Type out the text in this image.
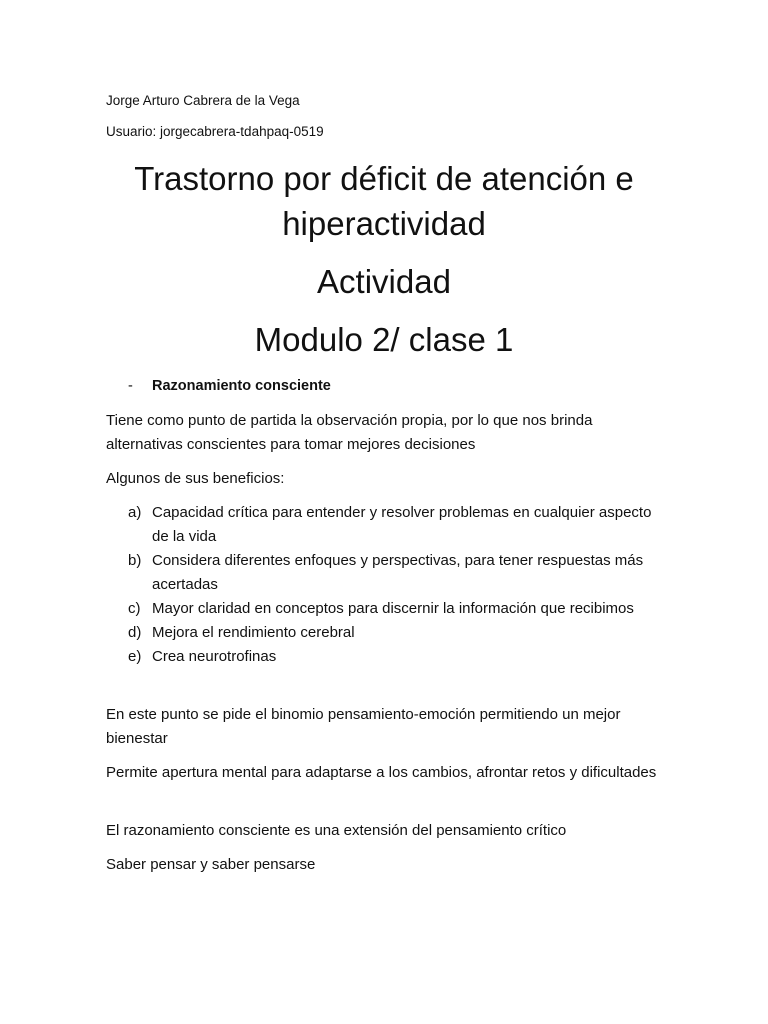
Jorge Arturo Cabrera de la Vega
Usuario: jorgecabrera-tdahpaq-0519
Trastorno por déficit de atención e
hiperactividad
Actividad
Modulo 2/ clase 1
- Razonamiento consciente

Tiene como punto de partida la observación propia, por lo que nos brinda alternativas conscientes para tomar mejores decisiones

Algunos de sus beneficios:

a) Capacidad crítica para entender y resolver problemas en cualquier aspecto de la vida
b) Considera diferentes enfoques y perspectivas, para tener respuestas más acertadas
c) Mayor claridad en conceptos para discernir la información que recibimos
d) Mejora el rendimiento cerebral
e) Crea neurotrofinas

En este punto se pide el binomio pensamiento-emoción permitiendo un mejor bienestar

Permite apertura mental para adaptarse a los cambios, afrontar retos y dificultades

El razonamiento consciente es una extensión del pensamiento crítico

Saber pensar y saber pensarse
